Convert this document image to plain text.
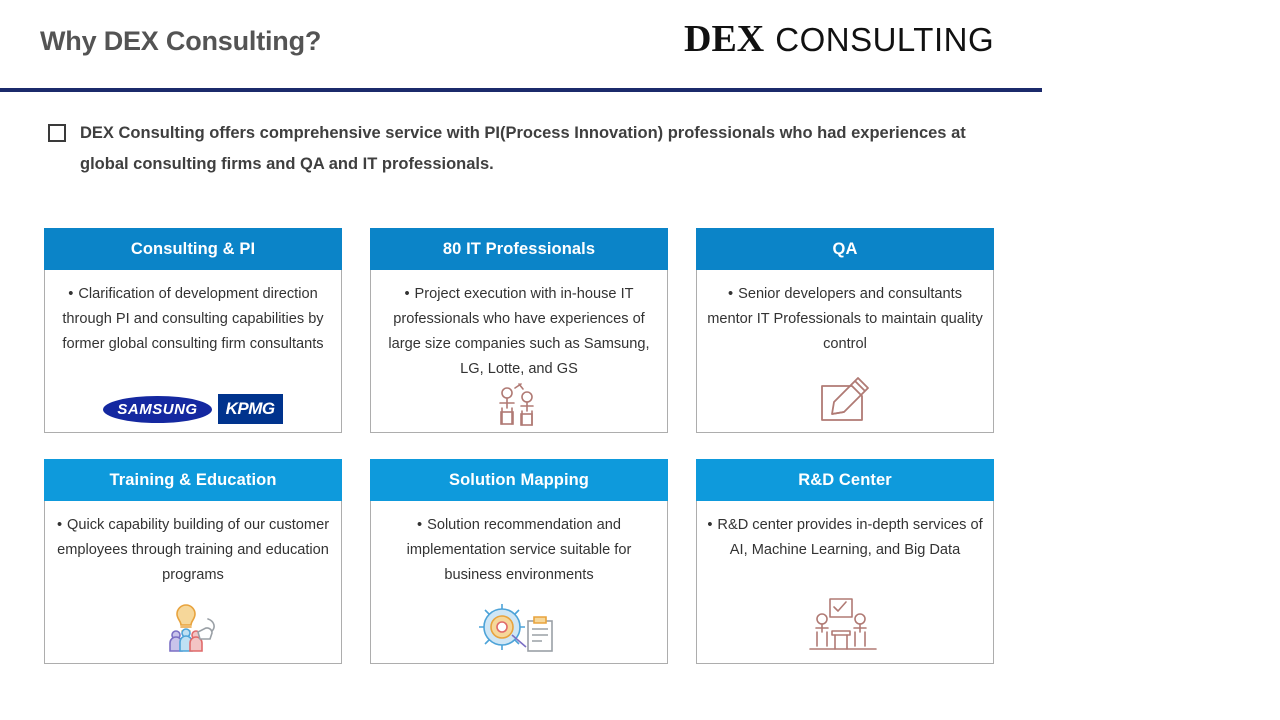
Why DEX Consulting?	DEX CONSULTING
DEX Consulting offers comprehensive service with PI(Process Innovation) professionals who had experiences at global consulting firms and QA and IT professionals.
Consulting & PI
• Clarification of development direction through PI and consulting capabilities by former global consulting firm consultants
SAMSUNG	KPMG
80 IT Professionals
• Project execution with in-house IT professionals who have experiences of large size companies such as Samsung, LG, Lotte, and GS
QA
• Senior developers and consultants mentor IT Professionals to maintain quality control
Training & Education
• Quick capability building of our customer employees through training and education programs
Solution Mapping
• Solution recommendation and implementation service suitable for business environments
R&D Center
• R&D center provides in-depth services of AI, Machine Learning, and Big Data
